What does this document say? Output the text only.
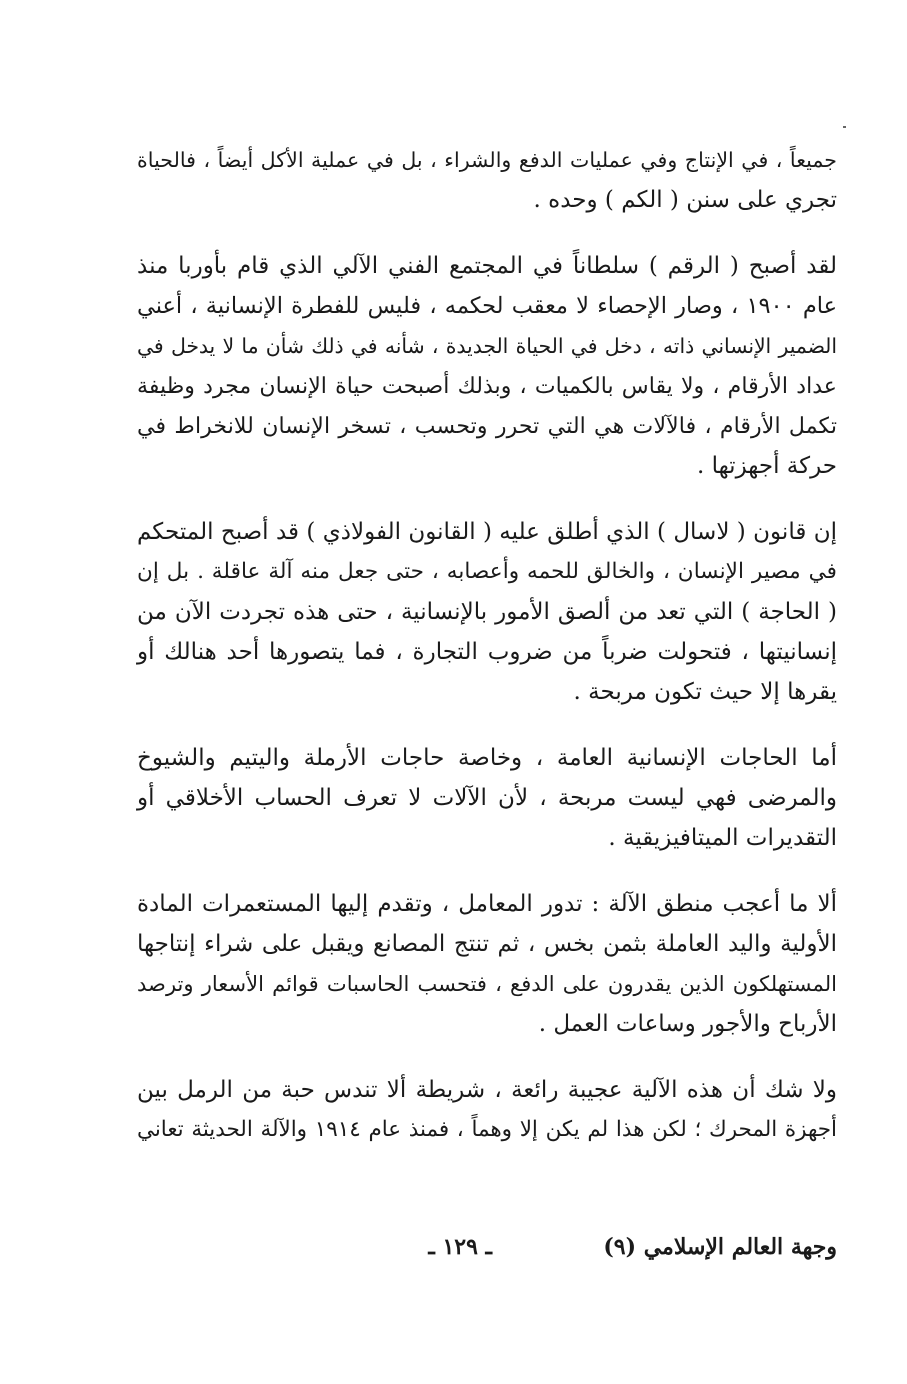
جميعاً ، في الإنتاج وفي عمليات الدفع والشراء ، بل في عملية الأكل أيضاً ، فالحياة
تجري على سنن ( الكم ) وحده .
لقد أصبح ( الرقم ) سلطاناً في المجتمع الفني الآلي الذي قام بأوربا منذ
عام ١٩٠٠ ، وصار الإحصاء لا معقب لحكمه ، فليس للفطرة الإنسانية ، أعني
الضمير الإنساني ذاته ، دخل في الحياة الجديدة ، شأنه في ذلك شأن ما لا يدخل في
عداد الأرقام ، ولا يقاس بالكميات ، وبذلك أصبحت حياة الإنسان مجرد وظيفة
تكمل الأرقام ، فالآلات هي التي تحرر وتحسب ، تسخر الإنسان للانخراط في
حركة أجهزتها .
إن قانون ( لاسال ) الذي أطلق عليه ( القانون الفولاذي ) قد أصبح المتحكم
في مصير الإنسان ، والخالق للحمه وأعصابه ، حتى جعل منه آلة عاقلة . بل إن
( الحاجة ) التي تعد من ألصق الأمور بالإنسانية ، حتى هذه تجردت الآن من
إنسانيتها ، فتحولت ضرباً من ضروب التجارة ، فما يتصورها أحد هنالك أو
يقرها إلا حيث تكون مربحة .
أما الحاجات الإنسانية العامة ، وخاصة حاجات الأرملة واليتيم والشيوخ
والمرضى فهي ليست مربحة ، لأن الآلات لا تعرف الحساب الأخلاقي أو
التقديرات الميتافيزيقية .
ألا ما أعجب منطق الآلة : تدور المعامل ، وتقدم إليها المستعمرات المادة
الأولية واليد العاملة بثمن بخس ، ثم تنتج المصانع ويقبل على شراء إنتاجها
المستهلكون الذين يقدرون على الدفع ، فتحسب الحاسبات قوائم الأسعار وترصد
الأرباح والأجور وساعات العمل .
ولا شك أن هذه الآلية عجيبة رائعة ، شريطة ألا تندس حبة من الرمل بين
أجهزة المحرك ؛ لكن هذا لم يكن إلا وهماً ، فمنذ عام ١٩١٤ والآلة الحديثة تعاني
وجهة العالم الإسلامي (٩)
ـ ١٢٩ ـ
